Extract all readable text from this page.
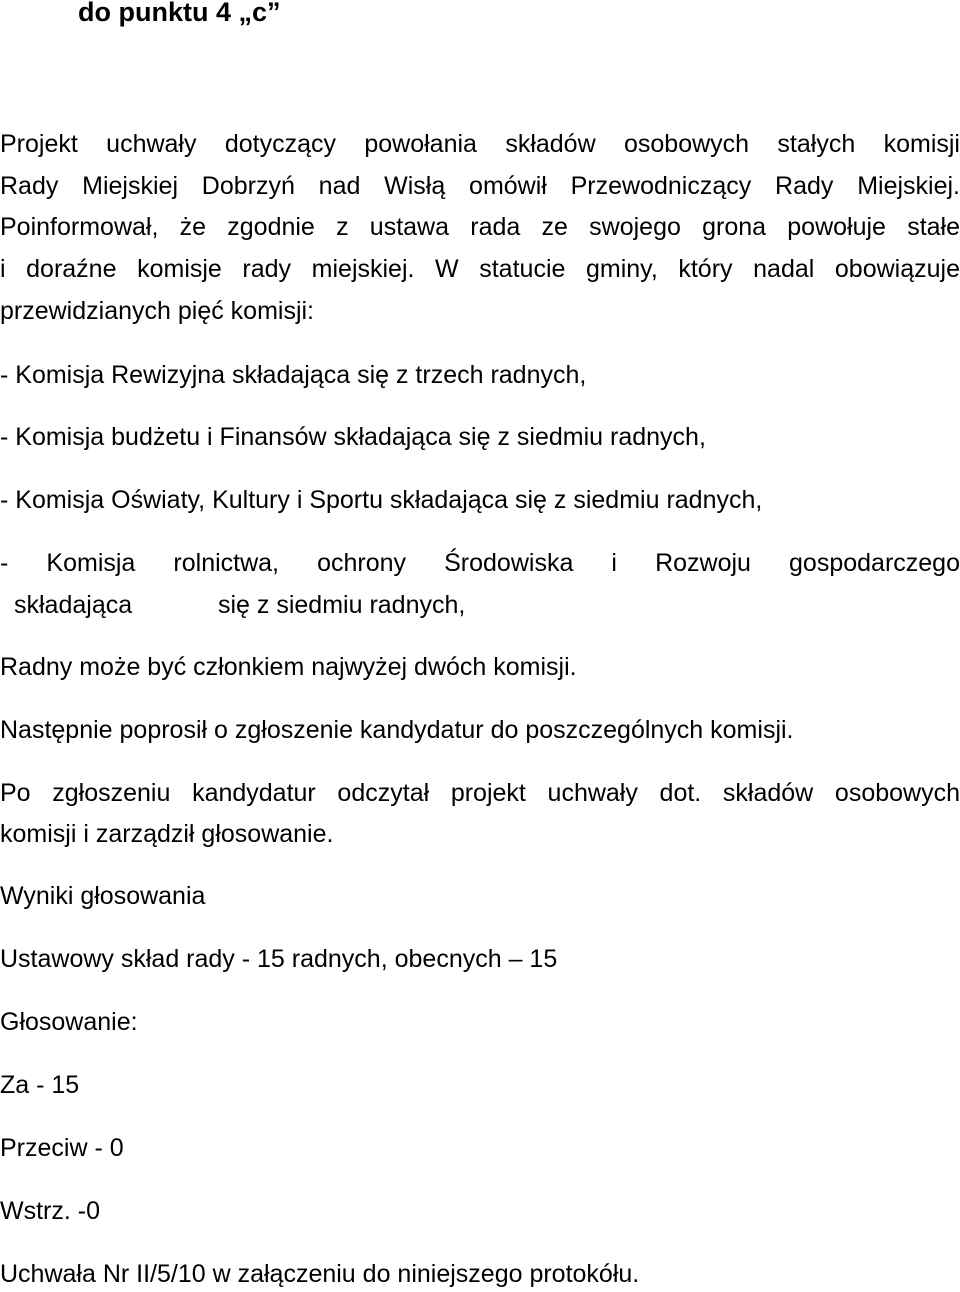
do punktu 4 „c”
Projekt uchwały dotyczący powołania składów osobowych stałych komisji
Rady Miejskiej Dobrzyń nad Wisłą omówił Przewodniczący Rady Miejskiej.
Poinformował, że zgodnie z ustawa rada ze swojego grona powołuje stałe
i doraźne komisje rady miejskiej. W statucie gminy, który nadal obowiązuje
przewidzianych pięć komisji:
- Komisja Rewizyjna składająca się z trzech radnych,
- Komisja budżetu i Finansów składająca się z siedmiu radnych,
- Komisja Oświaty, Kultury i Sportu składająca się z siedmiu radnych,
- Komisja rolnictwa, ochrony Środowiska i Rozwoju gospodarczego
składająca	się z siedmiu radnych,
Radny może być członkiem najwyżej dwóch komisji.
Następnie poprosił o zgłoszenie kandydatur do poszczególnych komisji.
Po zgłoszeniu kandydatur odczytał projekt uchwały dot. składów osobowych
komisji i zarządził głosowanie.
Wyniki głosowania
Ustawowy skład rady - 15 radnych, obecnych – 15
Głosowanie:
Za - 15
Przeciw - 0
Wstrz. -0
Uchwała Nr II/5/10 w załączeniu do niniejszego protokółu.
